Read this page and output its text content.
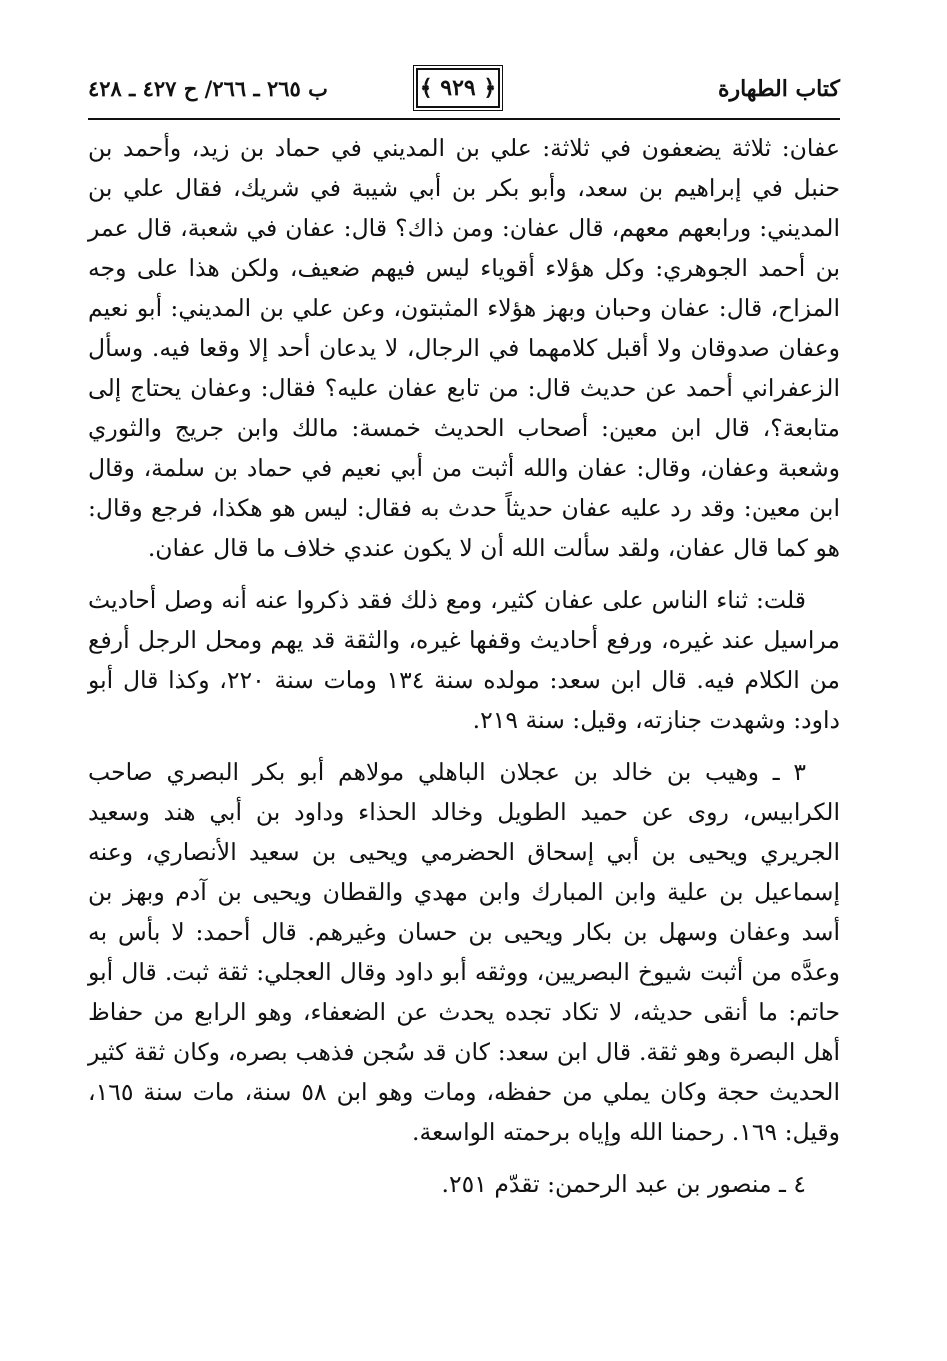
كتاب الطهارة
﴿ ٩٢٩ ﴾
ب ٢٦٥ ـ ٢٦٦/ ح ٤٢٧ ـ ٤٢٨

عفان: ثلاثة يضعفون في ثلاثة: علي بن المديني في حماد بن زيد، وأحمد بن حنبل في إبراهيم بن سعد، وأبو بكر بن أبي شيبة في شريك، فقال علي بن المديني: ورابعهم معهم، قال عفان: ومن ذاك؟ قال: عفان في شعبة، قال عمر بن أحمد الجوهري: وكل هؤلاء أقوياء ليس فيهم ضعيف، ولكن هذا على وجه المزاح، قال: عفان وحبان وبهز هؤلاء المثبتون، وعن علي بن المديني: أبو نعيم وعفان صدوقان ولا أقبل كلامهما في الرجال، لا يدعان أحد إلا وقعا فيه. وسأل الزعفراني أحمد عن حديث قال: من تابع عفان عليه؟ فقال: وعفان يحتاج إلى متابعة؟، قال ابن معين: أصحاب الحديث خمسة: مالك وابن جريج والثوري وشعبة وعفان، وقال: عفان والله أثبت من أبي نعيم في حماد بن سلمة، وقال ابن معين: وقد رد عليه عفان حديثاً حدث به فقال: ليس هو هكذا، فرجع وقال: هو كما قال عفان، ولقد سألت الله أن لا يكون عندي خلاف ما قال عفان.

قلت: ثناء الناس على عفان كثير، ومع ذلك فقد ذكروا عنه أنه وصل أحاديث مراسيل عند غيره، ورفع أحاديث وقفها غيره، والثقة قد يهم ومحل الرجل أرفع من الكلام فيه. قال ابن سعد: مولده سنة ١٣٤ ومات سنة ٢٢٠، وكذا قال أبو داود: وشهدت جنازته، وقيل: سنة ٢١٩.

٣ ـ وهيب بن خالد بن عجلان الباهلي مولاهم أبو بكر البصري صاحب الكرابيس، روى عن حميد الطويل وخالد الحذاء وداود بن أبي هند وسعيد الجريري ويحيى بن أبي إسحاق الحضرمي ويحيى بن سعيد الأنصاري، وعنه إسماعيل بن علية وابن المبارك وابن مهدي والقطان ويحيى بن آدم وبهز بن أسد وعفان وسهل بن بكار ويحيى بن حسان وغيرهم. قال أحمد: لا بأس به وعدَّه من أثبت شيوخ البصريين، ووثقه أبو داود وقال العجلي: ثقة ثبت. قال أبو حاتم: ما أنقى حديثه، لا تكاد تجده يحدث عن الضعفاء، وهو الرابع من حفاظ أهل البصرة وهو ثقة. قال ابن سعد: كان قد سُجن فذهب بصره، وكان ثقة كثير الحديث حجة وكان يملي من حفظه، ومات وهو ابن ٥٨ سنة، مات سنة ١٦٥، وقيل: ١٦٩. رحمنا الله وإياه برحمته الواسعة.

٤ ـ منصور بن عبد الرحمن: تقدّم ٢٥١.
